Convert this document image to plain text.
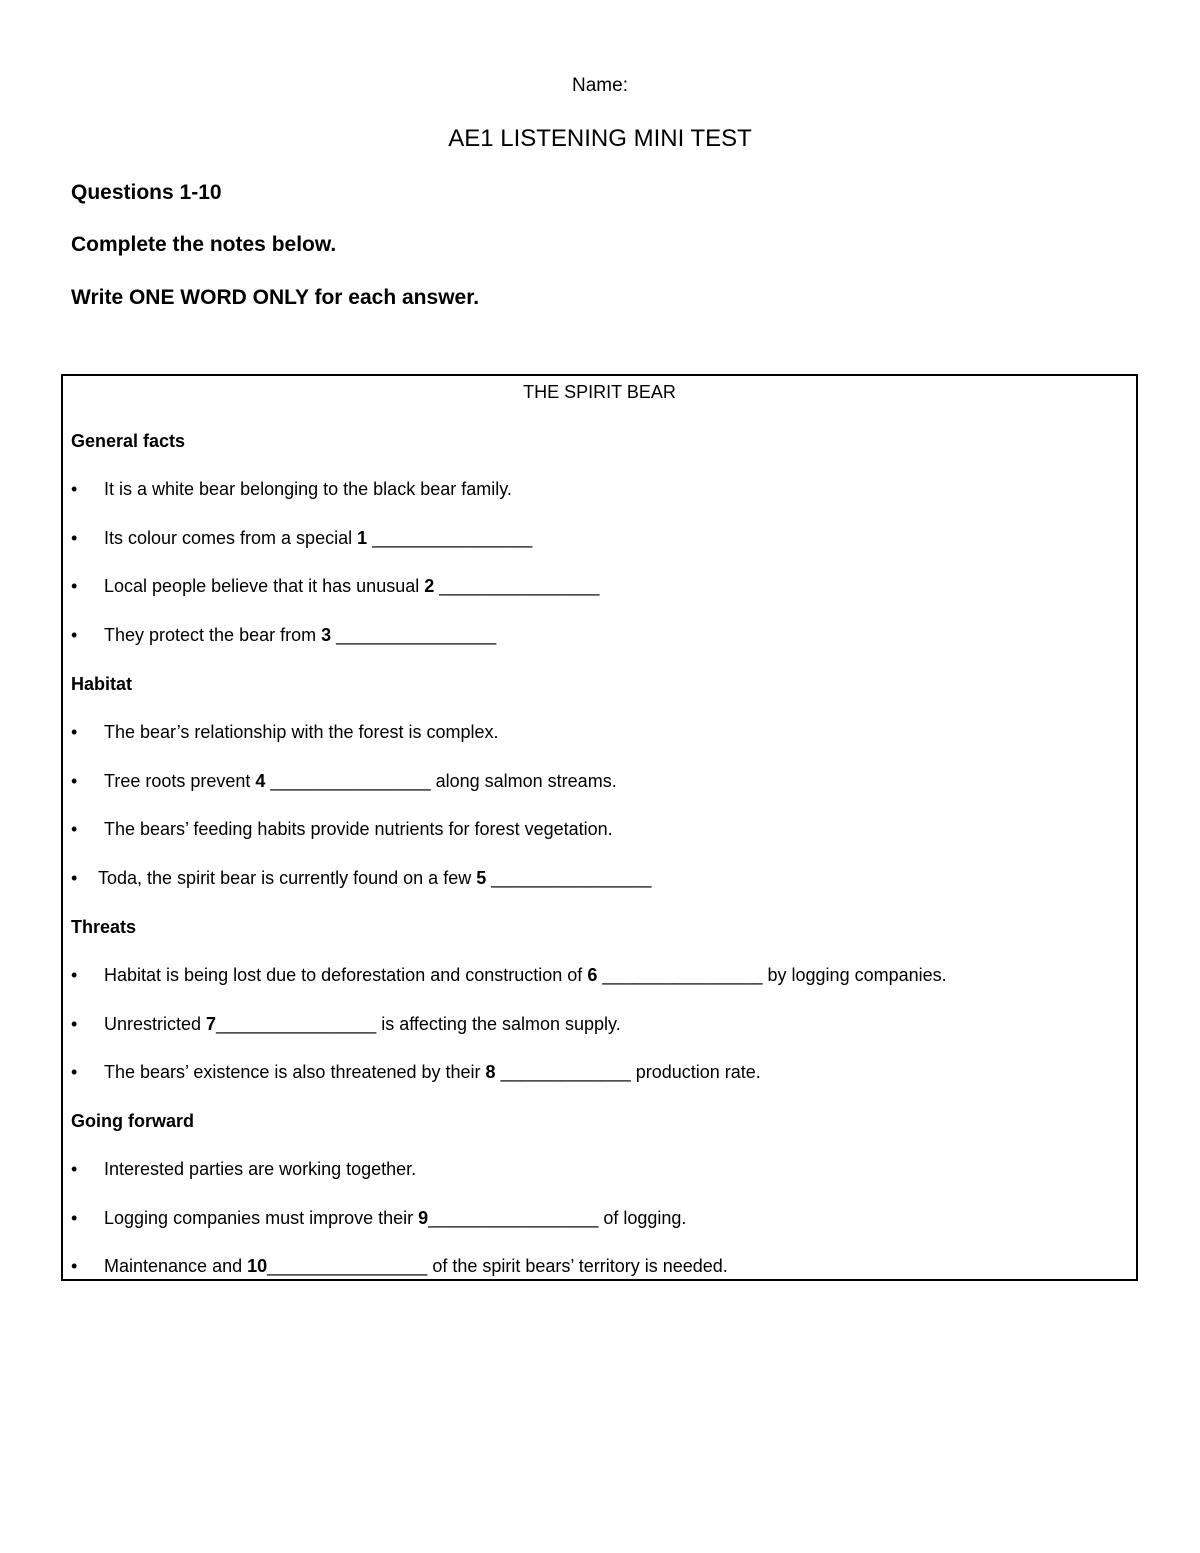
Name:
AE1 LISTENING MINI TEST
Questions 1-10
Complete the notes below.
Write ONE WORD ONLY for each answer.
THE SPIRIT BEAR
General facts
• It is a white bear belonging to the black bear family.
• Its colour comes from a special 1 ________________
• Local people believe that it has unusual 2 ________________
• They protect the bear from 3 ________________
Habitat
• The bear’s relationship with the forest is complex.
• Tree roots prevent 4 ________________ along salmon streams.
• The bears’ feeding habits provide nutrients for forest vegetation.
• Toda, the spirit bear is currently found on a few 5 ________________
Threats
• Habitat is being lost due to deforestation and construction of 6 ________________ by logging companies.
• Unrestricted 7________________ is affecting the salmon supply.
• The bears’ existence is also threatened by their 8 _____________ production rate.
Going forward
• Interested parties are working together.
• Logging companies must improve their 9_________________ of logging.
• Maintenance and 10________________ of the spirit bears’ territory is needed.
